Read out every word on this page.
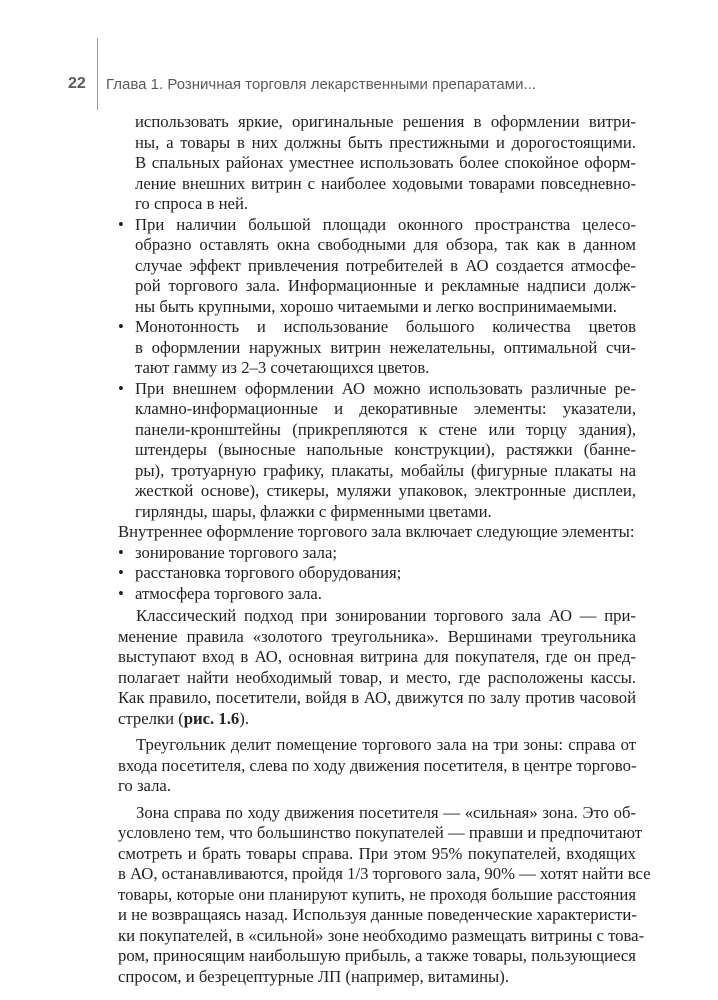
22 Глава 1. Розничная торговля лекарственными препаратами...
использовать яркие, оригинальные решения в оформлении витри-
ны, а товары в них должны быть престижными и дорогостоящими.
В спальных районах уместнее использовать более спокойное оформ-
ление внешних витрин с наиболее ходовыми товарами повседневно-
го спроса в ней.
• При наличии большой площади оконного пространства целесо-
образно оставлять окна свободными для обзора, так как в данном
случае эффект привлечения потребителей в АО создается атмосфе-
рой торгового зала. Информационные и рекламные надписи долж-
ны быть крупными, хорошо читаемыми и легко воспринимаемыми.
• Монотонность и использование большого количества цветов
в оформлении наружных витрин нежелательны, оптимальной счи-
тают гамму из 2–3 сочетающихся цветов.
• При внешнем оформлении АО можно использовать различные ре-
кламно-информационные и декоративные элементы: указатели,
панели-кронштейны (прикрепляются к стене или торцу здания),
штендеры (выносные напольные конструкции), растяжки (банне-
ры), тротуарную графику, плакаты, мобайлы (фигурные плакаты на
жесткой основе), стикеры, муляжи упаковок, электронные дисплеи,
гирлянды, шары, флажки с фирменными цветами.
Внутреннее оформление торгового зала включает следующие элементы:
• зонирование торгового зала;
• расстановка торгового оборудования;
• атмосфера торгового зала.
Классический подход при зонировании торгового зала АО — при-
менение правила «золотого треугольника». Вершинами треугольника
выступают вход в АО, основная витрина для покупателя, где он пред-
полагает найти необходимый товар, и место, где расположены кассы.
Как правило, посетители, войдя в АО, движутся по залу против часовой
стрелки (рис. 1.6).
Треугольник делит помещение торгового зала на три зоны: справа от
входа посетителя, слева по ходу движения посетителя, в центре торгово-
го зала.
Зона справа по ходу движения посетителя — «сильная» зона. Это об-
условлено тем, что большинство покупателей — правши и предпочитают
смотреть и брать товары справа. При этом 95% покупателей, входящих
в АО, останавливаются, пройдя 1/3 торгового зала, 90% — хотят найти все
товары, которые они планируют купить, не проходя большие расстояния
и не возвращаясь назад. Используя данные поведенческие характеристи-
ки покупателей, в «сильной» зоне необходимо размещать витрины с това-
ром, приносящим наибольшую прибыль, а также товары, пользующиеся
спросом, и безрецептурные ЛП (например, витамины).
